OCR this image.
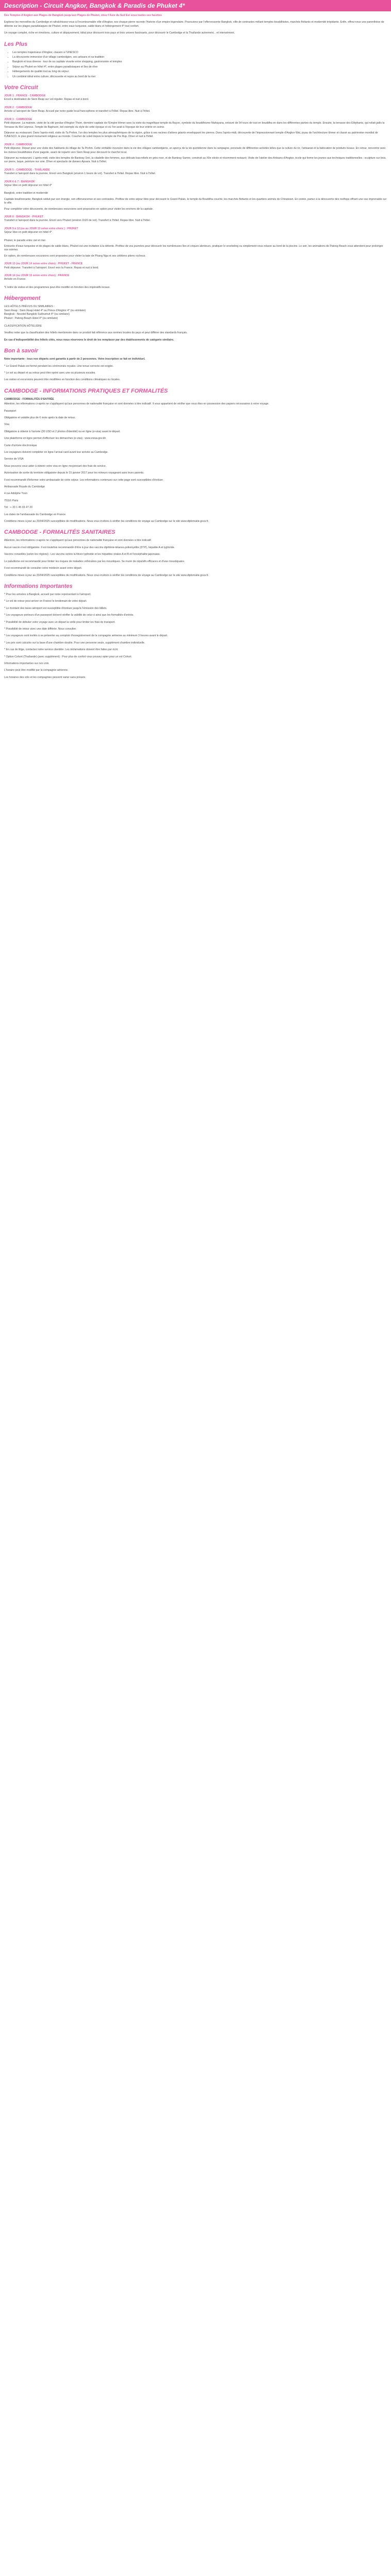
Description - Circuit Angkor, Bangkok & Paradis de Phuket 4*

Des Temples d'Angkor aux Plages de Bangkok jusqu'aux Plages de Phuket, vivez l'Asie du Sud Est sous toutes ses facettes

Explorez les merveilles du Cambodge et rafraîchissez-vous à l'incontournable ville d'Angkor, ses chaque pierre raconte l'histoire d'un empire légendaire. Poursuivez par l'effervescente Bangkok, ville de contrastes mêlant temples bouddhistes, marchés flottants et modernité trépidante. Enfin, offrez-vous une parenthèse de détente sur les plages paradisiaques de Phuket, entre eaux turquoise, sable blanc et hébergement 4* tout confort.

Un voyage complet, riche en émotions, culture et dépaysement, idéal pour découvrir trois pays et trois univers fascinants, pour découvrir le Cambodge et la Thaïlande autrement... et intensément.

Les Plus
• Les temples majestueux d'Angkor, classés à l'UNESCO
• La découverte immersive d'un village cambodgien, ses artisans et sa tradition
• Bangkok et tous diverse : tour de sa capitale vivante entre shopping, gastronomie et temples
• Séjour au Phuket en hôtel 4*, entre plages paradisiaques et îles de rêve
• Hébergements de qualité tout au long du séjour
• Un combiné idéal entre culture, découverte et repos au bord de la mer
Votre Circuit

JOUR 1 : FRANCE - CAMBODGE

Envol à destination de Siem Reap sur vol régulier. Repas et nuit à bord.

JOUR 2 : CAMBODGE

Arrivée à l'aéroport de Siem Reap. Accueil par notre guide local francophone et transfert à l'hôtel. Repas libre. Nuit à l'hôtel.

JOUR 3 : CAMBODGE

Petit déjeuner. La matinée, visite de la cité perdue d'Angkor Thom, dernière capitale de l'Empire khmer avec la visite du magnifique temple du Bayon, symbole du bouddhisme Mahayana, entouré de 54 tours de tout en bouddha en dans les différentes parties du temple. Ensuite, la terrasse des Eléphants, qui reliait jadis la Terrasse du Roi Lépreux. Temple de Baphuon, bel exemple du style de cette époque et où l'on avait à l'époque de leur entrée en scène.

Déjeuner au restaurant. Dans l'après-midi, visite du Ta Prohm, l'un des temples les plus atmosphériques de la région, grâce à ses racines d'arbres géants enveloppant les pierres. Dans l'après-midi, découverte de l'impressionnant temple d'Angkor Wat, joyau de l'architecture khmer et classé au patrimoine mondial de l'UNESCO, le plus grand monument religieux au monde. Coucher de soleil depuis le temple de Pre Rup. Dîner et nuit à l'hôtel.

JOUR 4 : CAMBODGE

Petit déjeuner. Départ pour une visite des habitants du village de Ta Prohm. Cette véritable incursion dans la vie des villages cambodgiens, un aperçu de la vie quotidienne dans la campagne, ponctuée de différentes activités telles que la culture du riz, l'artisanat et la fabrication de produits locaux. En retour, rencontre avec les moines bouddhistes d'une pagode, avant de repartir vers Siem Reap pour découvrir le marché local.

Déjeuner au restaurant. L'après-midi, visite des temples de Banteay Srei, la citadelle des femmes, aux délicats bas-reliefs en grès rose, et de Banteay Samre, construit au XIIe siècle et récemment restauré. Visite de l'atelier des Artisans d'Angkor, école qui forme les jeunes aux techniques traditionnelles : sculpture sur bois, sur pierre, laque, peinture sur soie. Dîner et spectacle de danses Apsara. Nuit à l'hôtel.

JOUR 5 : CAMBODGE - THAÏLANDE

Transfert à l'aéroport dans la journée. Envol vers Bangkok (environ 1 heure de vol). Transfert à l'hôtel. Repas libre. Nuit à l'hôtel.

JOUR 6 & 7 : BANGKOK

Séjour libre en petit déjeuner en hôtel 4*

Bangkok, entre tradition et modernité

Capitale bouillonnante, Bangkok séduit par son énergie, son effervescence et ses contrastes. Profitez de votre séjour libre pour découvrir le Grand Palais, le temple du Bouddha couché, les marchés flottants et les quartiers animés de Chinatown. En soirée, partez à la découverte des rooftops offrant une vue imprenable sur la ville.

Pour compléter votre découverte, de nombreuses excursions sont proposées en option pour visiter les environs de la capitale.

JOUR 8 : BANGKOK - PHUKET

Transfert à l'aéroport dans la journée. Envol vers Phuket (environ 1h20 de vol). Transfert à l'hôtel. Repas libre. Nuit à l'hôtel.

JOUR 9 à 12 (ou au JOUR 13 selon votre choix ) : PHUKET

Séjour libre en petit déjeuner en hôtel 4*

Phuket, le paradis entre ciel et mer.

Entourée d'eaux turquoise et de plages de sable blanc, Phuket est une invitation à la détente. Profitez de vos journées pour découvrir les nombreuses îles et criques alentours, pratiquer le snorkeling ou simplement vous relaxer au bord de la piscine. Le soir, les animations de Patong Beach vous attendent pour prolonger vos soirées.

En option, de nombreuses excursions sont proposées pour visiter la baie de Phang Nga et ses célèbres pitons rocheux.

JOUR 13 (ou JOUR 14 selon votre choix) : PHUKET - FRANCE

Petit déjeuner. Transfert à l'aéroport. Envol vers la France. Repas et nuit à bord.

JOUR 14 (ou JOUR 15 selon votre choix) : FRANCE

Arrivée en France.

*L'ordre de visites et des programmes peut être modifié en fonction des impératifs locaux.

Hébergement

LES HÔTELS PRÉVUS OU SIMILAIRES :

Siem Reap : Siem Reap Hotel 4* ou Prince d'Angkor 4* (ou similaire)

Bangkok : Novotel Bangkok Sukhumvit 4* (ou similaire)

Phuket : Patong Beach Hotel 4* (ou similaire)

CLASSIFICATION HÔTELIÈRE

Veuillez noter que la classification des hôtels mentionnée dans ce produit fait référence aux normes locales du pays et peut différer des standards français.

En cas d'indisponibilité des hôtels cités, nous nous réservons le droit de les remplacer par des établissements de catégorie similaire.

Bon à savoir

Note importante : tous nos départs sont garantis à partir de 2 personnes. Votre inscription se fait en individuel.

* Le Grand Palais est fermé pendant les cérémonies royales. Une tenue correcte est exigée.

* Le vol au départ et au retour peut être opéré avec une ou plusieurs escales.

Les visites et excursions peuvent être modifiées en fonction des conditions climatiques ou locales.

CAMBODGE - INFORMATIONS PRATIQUES ET FORMALITÉS

CAMBODGE - FORMALITÉS D'ENTRÉE

Attention, les informations ci-après ne s'appliquent qu'aux personnes de nationalité française et sont données à titre indicatif. Il vous appartient de vérifier que vous êtes en possession des papiers nécessaires à votre voyage.

Passeport

Obligatoire et valable plus de 6 mois après la date de retour.

Visa

Obligatoire à obtenir à l'arrivée (30 USD et 2 photos d'identité) ou en ligne (e-visa) avant le départ.

Une plateforme en ligne permet d'effectuer les démarches (e-visa) : www.evisa.gov.kh

Carte d'arrivée électronique

Les voyageurs doivent compléter en ligne l'arrival card avant leur arrivée au Cambodge.

Service de VISA

Nous pouvons vous aider à obtenir votre visa en ligne moyennant des frais de service.

Autorisation de sortie du territoire obligatoire depuis le 15 janvier 2017 pour les mineurs voyageant sans leurs parents.

Il est recommandé d'informer votre ambassade de votre séjour. Les informations contenues sur cette page sont susceptibles d'évoluer.

Ambassade Royale du Cambodge

4 rue Adolphe Yvon

75116 Paris

Tél : + 33 1 45 03 47 20

Les dates de l'ambassade du Cambodge en France.

Conditions mises à jour au 20/04/2025 susceptibles de modifications. Nous vous invitons à vérifier les conditions de voyage au Cambodge sur le site www.diplomatie.gouv.fr.

CAMBODGE - FORMALITÉS SANITAIRES

Attention, les informations ci-après ne s'appliquent qu'aux personnes de nationalité française et sont données à titre indicatif.

Aucun vaccin n'est obligatoire. Il est toutefois recommandé d'être à jour des vaccins diphtérie-tétanos-poliomyélite (DTP), hépatite A et typhoïde.

Vaccins conseillés (selon les régions) : Les vaccins contre la fièvre typhoïde et les hépatites virales A et B et l'encéphalite japonaise.

Le paludisme est recommandé pour limiter les risques de maladies véhiculées par les moustiques. Se munir de répulsifs efficaces et d'une moustiquaire.

Il est recommandé de consulter votre médecin avant votre départ.

Conditions mises à jour au 20/04/2025 susceptibles de modifications. Nous vous invitons à vérifier les conditions de voyage au Cambodge sur le site www.diplomatie.gouv.fr.

Informations Importantes

* Pour les arrivées à Bangkok, accueil par notre représentant à l'aéroport.

* Le vol de retour peut arriver en France le lendemain de votre départ.

* Le montant des taxes aéroport est susceptible d'évoluer jusqu'à l'émission des billets.

* Les voyageurs porteurs d'un passeport doivent vérifier la validité de celui-ci ainsi que les formalités d'entrée.

* Possibilité de débuter votre voyage avec un départ la veille pour limiter les frais de transport.

* Possibilité de retour avec une date différée. Nous consulter.

* Les voyageurs sont invités à se présenter au comptoir d'enregistrement de la compagnie aérienne au minimum 3 heures avant le départ.

* Les prix sont calculés sur la base d'une chambre double. Pour une personne seule, supplément chambre individuelle.

* En cas de litige, contactez notre service clientèle. Les réclamations doivent être faites par écrit.

* Option Cohort (Thaïlande) (avec supplément) : Pour plus de confort vous pouvez opter pour un vol Cohort.

Informations importantes sur nos vols.

L'horaire peut être modifié par la compagnie aérienne.

Les horaires des vols et les compagnies peuvent varier sans préavis.
